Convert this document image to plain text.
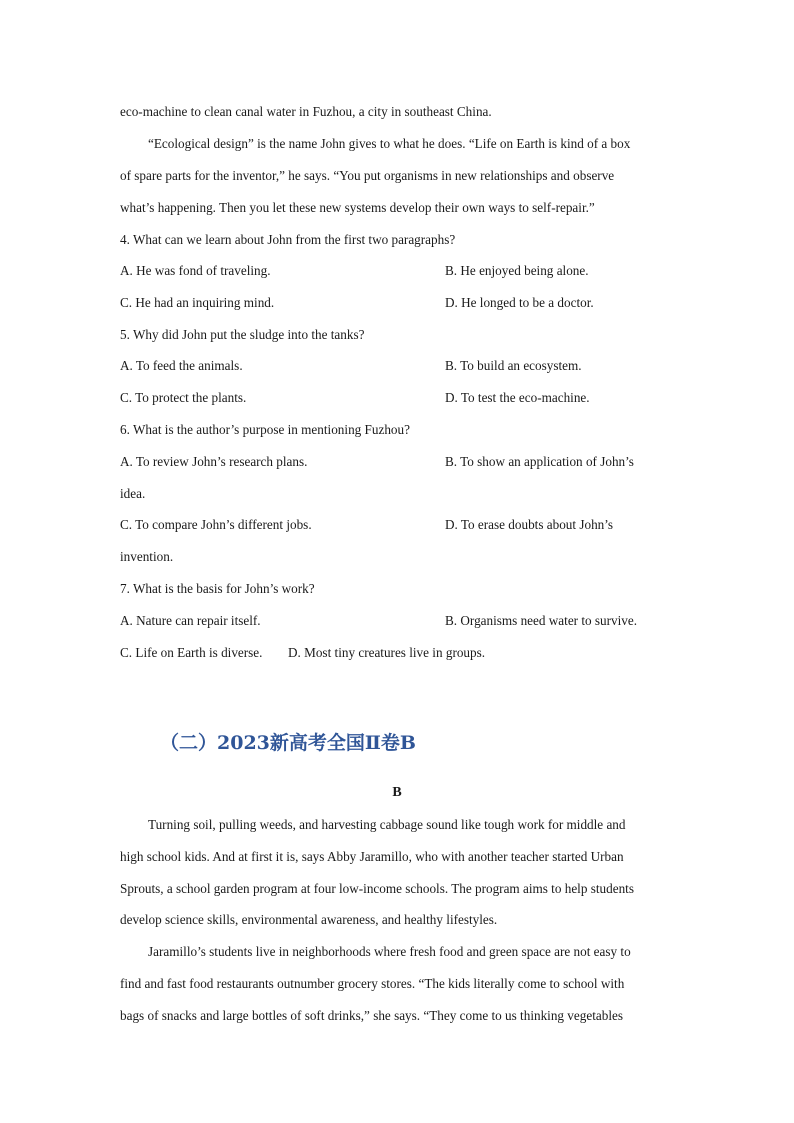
eco-machine to clean canal water in Fuzhou, a city in southeast China.
“Ecological design” is the name John gives to what he does. “Life on Earth is kind of a box
of spare parts for the inventor,” he says. “You put organisms in new relationships and observe
what’s happening. Then you let these new systems develop their own ways to self-repair.”
4. What can we learn about John from the first two paragraphs?
A. He was fond of traveling.	B. He enjoyed being alone.
C. He had an inquiring mind.	D. He longed to be a doctor.
5. Why did John put the sludge into the tanks?
A. To feed the animals.	B. To build an ecosystem.
C. To protect the plants.	D. To test the eco-machine.
6. What is the author’s purpose in mentioning Fuzhou?
A. To review John’s research plans.	B. To show an application of John’s
idea.
C. To compare John’s different jobs.	D. To erase doubts about John’s
invention.
7. What is the basis for John’s work?
A. Nature can repair itself.	B. Organisms need water to survive.
C. Life on Earth is diverse. D. Most tiny creatures live in groups.
（二）2023新高考全国Ⅱ卷B
B
Turning soil, pulling weeds, and harvesting cabbage sound like tough work for middle and
high school kids. And at first it is, says Abby Jaramillo, who with another teacher started Urban
Sprouts, a school garden program at four low-income schools. The program aims to help students
develop science skills, environmental awareness, and healthy lifestyles.
Jaramillo’s students live in neighborhoods where fresh food and green space are not easy to
find and fast food restaurants outnumber grocery stores. “The kids literally come to school with
bags of snacks and large bottles of soft drinks,” she says. “They come to us thinking vegetables
